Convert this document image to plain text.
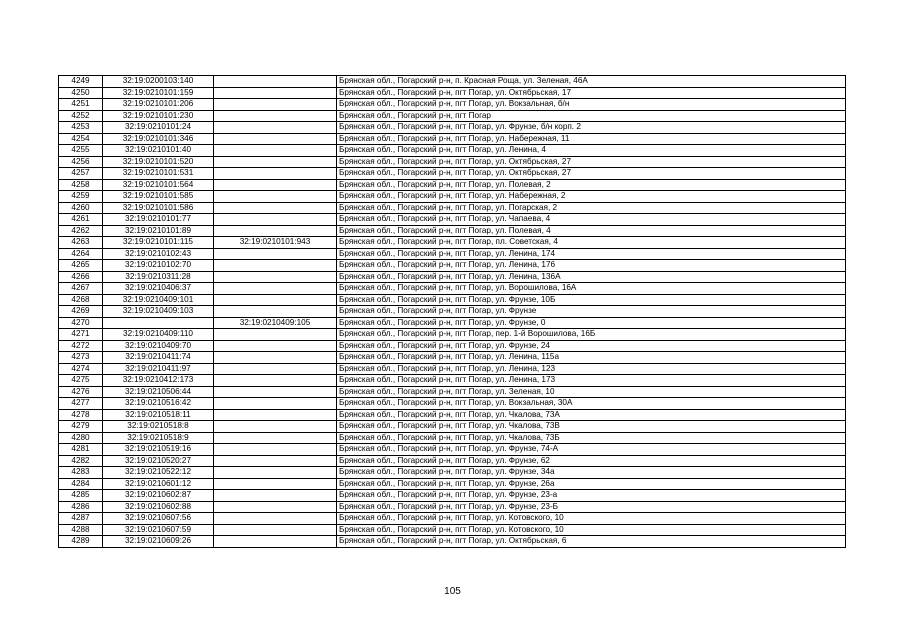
4249	32:19:0200103:140		Брянская обл., Погарский р-н, п. Красная Роща, ул. Зеленая, 46А
4250	32:19:0210101:159		Брянская обл., Погарский р-н, пгт Погар, ул. Октябрьская, 17
4251	32:19:0210101:206		Брянская обл., Погарский р-н, пгт Погар, ул. Вокзальная, б/н
4252	32:19:0210101:230		Брянская обл., Погарский р-н, пгт Погар
4253	32:19:0210101:24		Брянская обл., Погарский р-н, пгт Погар, ул. Фрунзе, б/н корп. 2
4254	32:19:0210101:346		Брянская обл., Погарский р-н, пгт Погар, ул. Набережная, 11
4255	32:19:0210101:40		Брянская обл., Погарский р-н, пгт Погар, ул. Ленина, 4
4256	32:19:0210101:520		Брянская обл., Погарский р-н, пгт Погар, ул. Октябрьская, 27
4257	32:19:0210101:531		Брянская обл., Погарский р-н, пгт Погар, ул. Октябрьская, 27
4258	32:19:0210101:564		Брянская обл., Погарский р-н, пгт Погар, ул. Полевая, 2
4259	32:19:0210101:585		Брянская обл., Погарский р-н, пгт Погар, ул. Набережная, 2
4260	32:19:0210101:586		Брянская обл., Погарский р-н, пгт Погар, ул. Погарская, 2
4261	32:19:0210101:77		Брянская обл., Погарский р-н, пгт Погар, ул. Чапаева, 4
4262	32:19:0210101:89		Брянская обл., Погарский р-н, пгт Погар, ул. Полевая, 4
4263	32:19:0210101:115	32:19:0210101:943	Брянская обл., Погарский р-н, пгт Погар, пл. Советская, 4
4264	32:19:0210102:43		Брянская обл., Погарский р-н, пгт Погар, ул. Ленина, 174
4265	32:19:0210102:70		Брянская обл., Погарский р-н, пгт Погар, ул. Ленина, 176
4266	32:19:0210311:28		Брянская обл., Погарский р-н, пгт Погар, ул. Ленина, 136А
4267	32:19:0210406:37		Брянская обл., Погарский р-н, пгт Погар, ул. Ворошилова, 16А
4268	32:19:0210409:101		Брянская обл., Погарский р-н, пгт Погар, ул. Фрунзе, 10Б
4269	32:19:0210409:103		Брянская обл., Погарский р-н, пгт Погар, ул. Фрунзе
4270		32:19:0210409:105	Брянская обл., Погарский р-н, пгт Погар, ул. Фрунзе, 0
4271	32:19:0210409:110		Брянская обл., Погарский р-н, пгт Погар, пер. 1-й Ворошилова, 16Б
4272	32:19:0210409:70		Брянская обл., Погарский р-н, пгт Погар, ул. Фрунзе, 24
4273	32:19:0210411:74		Брянская обл., Погарский р-н, пгт Погар, ул. Ленина, 115а
4274	32:19:0210411:97		Брянская обл., Погарский р-н, пгт Погар, ул. Ленина, 123
4275	32:19:0210412:173		Брянская обл., Погарский р-н, пгт Погар, ул. Ленина, 173
4276	32:19:0210506:44		Брянская обл., Погарский р-н, пгт Погар, ул. Зеленая, 10
4277	32:19:0210516:42		Брянская обл., Погарский р-н, пгт Погар, ул. Вокзальная, 30А
4278	32:19:0210518:11		Брянская обл., Погарский р-н, пгт Погар, ул. Чкалова, 73А
4279	32:19:0210518:8		Брянская обл., Погарский р-н, пгт Погар, ул. Чкалова, 73В
4280	32:19:0210518:9		Брянская обл., Погарский р-н, пгт Погар, ул. Чкалова, 73Б
4281	32:19:0210519:16		Брянская обл., Погарский р-н, пгт Погар, ул. Фрунзе, 74-А
4282	32:19:0210520:27		Брянская обл., Погарский р-н, пгт Погар, ул. Фрунзе, 62
4283	32:19:0210522:12		Брянская обл., Погарский р-н, пгт Погар, ул. Фрунзе, 34а
4284	32:19:0210601:12		Брянская обл., Погарский р-н, пгт Погар, ул. Фрунзе, 26а
4285	32:19:0210602:87		Брянская обл., Погарский р-н, пгт Погар, ул. Фрунзе, 23-а
4286	32:19:0210602:88		Брянская обл., Погарский р-н, пгт Погар, ул. Фрунзе, 23-Б
4287	32:19:0210607:56		Брянская обл., Погарский р-н, пгт Погар, ул. Котовского, 10
4288	32:19:0210607:59		Брянская обл., Погарский р-н, пгт Погар, ул. Котовского, 10
4289	32:19:0210609:26		Брянская обл., Погарский р-н, пгт Погар, ул. Октябрьская, 6
105
